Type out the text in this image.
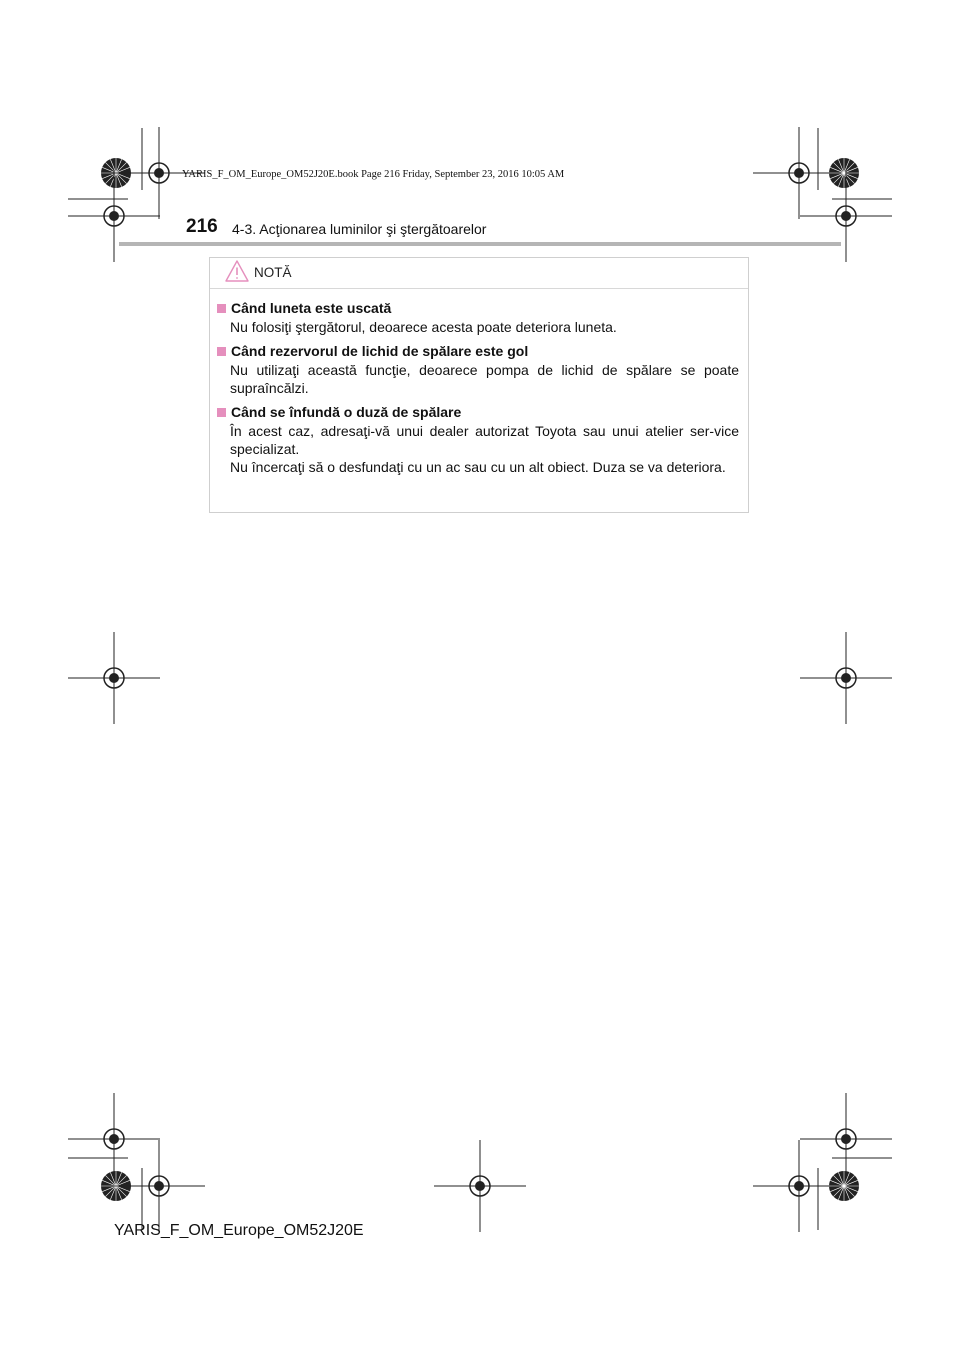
YARIS_F_OM_Europe_OM52J20E.book Page 216 Friday, September 23, 2016 10:05 AM
216 4-3. Acţionarea luminilor şi ştergătoarelor
NOTĂ
Când luneta este uscată
Nu folosiţi ştergătorul, deoarece acesta poate deteriora luneta.
Când rezervorul de lichid de spălare este gol
Nu utilizaţi această funcţie, deoarece pompa de lichid de spălare se poate supraîncălzi.
Când se înfundă o duză de spălare
În acest caz, adresaţi-vă unui dealer autorizat Toyota sau unui atelier ser-vice specializat.
Nu încercaţi să o desfundaţi cu un ac sau cu un alt obiect. Duza se va deteriora.
YARIS_F_OM_Europe_OM52J20E
